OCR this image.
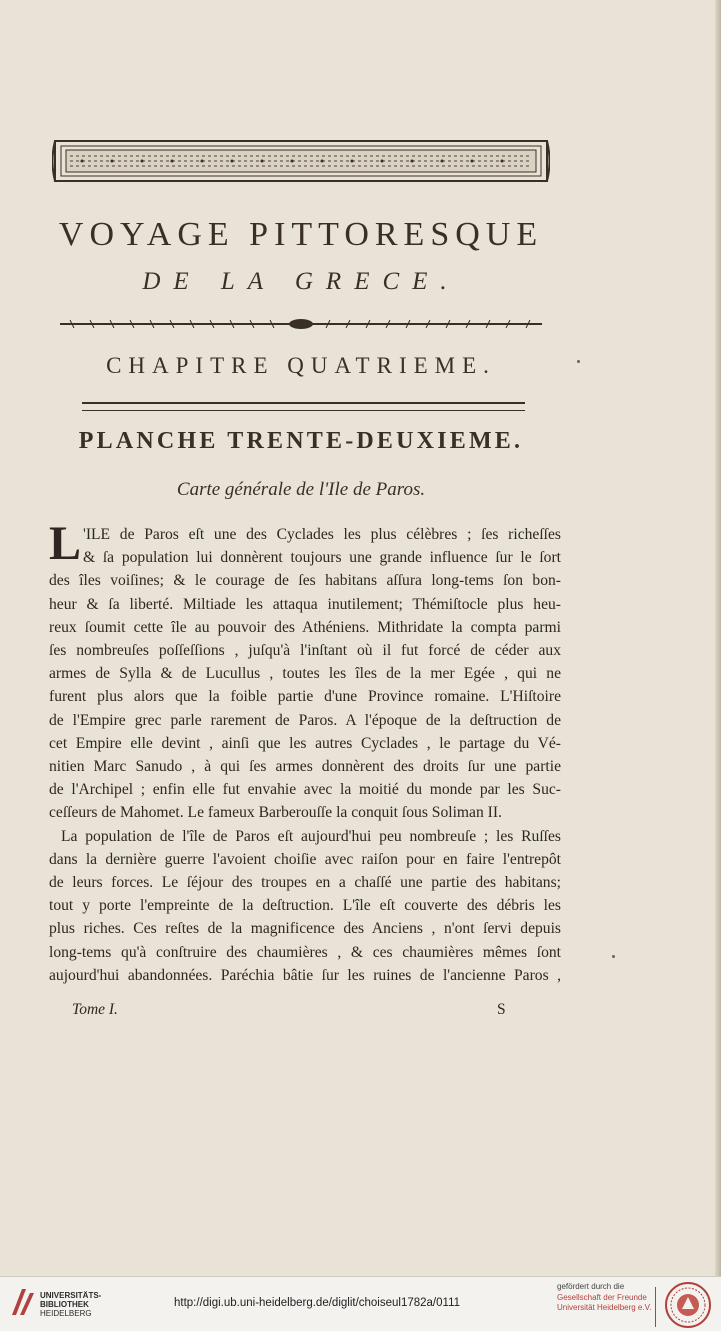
VOYAGE PITTORESQUE
DE LA GRECE.
CHAPITRE QUATRIEME.
PLANCHE TRENTE-DEUXIEME.
Carte générale de l'Ile de Paros.

L 'ILE de Paros eſt une des Cyclades les plus célèbres ; ſes richeſſes
& ſa population lui donnèrent toujours une grande influence ſur le ſort
des îles voiſines; & le courage de ſes habitans aſſura long-tems ſon bon-
heur & ſa liberté. Miltiade les attaqua inutilement; Thémiſtocle plus heu-
reux ſoumit cette île au pouvoir des Athéniens. Mithridate la compta parmi
ſes nombreuſes poſſeſſions , juſqu'à l'inſtant où il fut forcé de céder aux
armes de Sylla & de Lucullus , toutes les îles de la mer Egée , qui ne
furent plus alors que la foible partie d'une Province romaine. L'Hiſtoire
de l'Empire grec parle rarement de Paros. A l'époque de la deſtruction de
cet Empire elle devint , ainſi que les autres Cyclades , le partage du Vé-
nitien Marc Sanudo , à qui ſes armes donnèrent des droits ſur une partie
de l'Archipel ; enfin elle fut envahie avec la moitié du monde par les Suc-
ceſſeurs de Mahomet. Le fameux Barberouſſe la conquit ſous Soliman II.

La population de l'île de Paros eſt aujourd'hui peu nombreuſe ; les Ruſſes
dans la dernière guerre l'avoient choiſie avec raiſon pour en faire l'entrepôt
de leurs forces. Le ſéjour des troupes en a chaſſé une partie des habitans;
tout y porte l'empreinte de la deſtruction. L'île eſt couverte des débris les
plus riches. Ces reſtes de la magnificence des Anciens , n'ont ſervi depuis
long-tems qu'à conſtruire des chaumières , & ces chaumières mêmes ſont
aujourd'hui abandonnées. Paréchia bâtie ſur les ruines de l'ancienne Paros ,

Tome I.	S
UNIVERSITÄTS-
BIBLIOTHEK
HEIDELBERG
http://digi.ub.uni-heidelberg.de/diglit/choiseul1782a/0111
gefördert durch die
Gesellschaft der Freunde
Universität Heidelberg e.V.
